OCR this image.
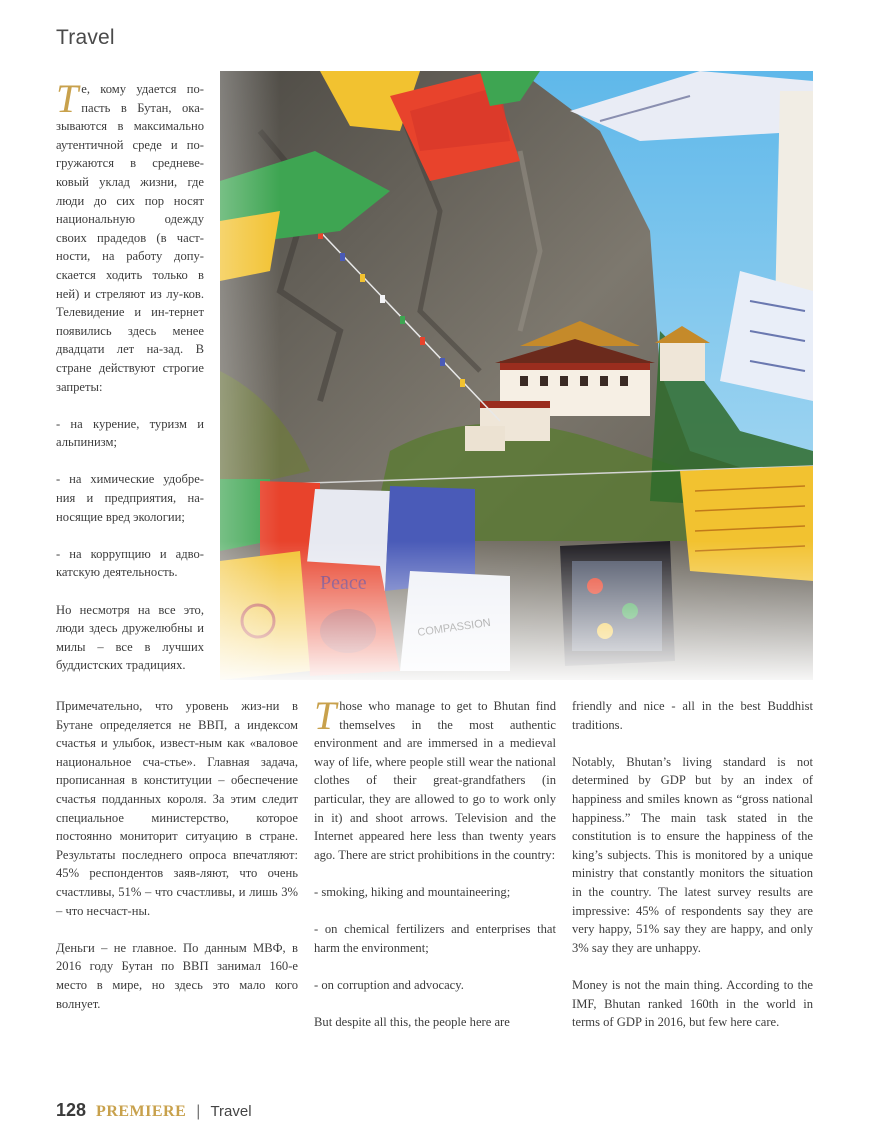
Travel

Те, кому удается по-пасть в Бутан, ока-зываются в максимально аутентичной среде и по-гружаются в средневе-ковый уклад жизни, где люди до сих пор носят национальную одежду своих прадедов (в част-ности, на работу допу-скается ходить только в ней) и стреляют из лу-ков. Телевидение и ин-тернет появились здесь менее двадцати лет на-зад. В стране действуют строгие запреты:

- на курение, туризм и альпинизм;

- на химические удобре-ния и предприятия, на-носящие вред экологии;

- на коррупцию и адво-катскую деятельность.

Но несмотря на все это, люди здесь дружелюбны и милы – все в лучших буддистских традициях.

Примечательно, что уровень жиз-ни в Бутане определяется не ВВП, а индексом счастья и улыбок, извест-ным как «валовое национальное сча-стье». Главная задача, прописанная в конституции – обеспечение счастья подданных короля. За этим следит специальное министерство, которое постоянно мониторит ситуацию в стране. Результаты последнего опроса впечатляют: 45% респондентов заяв-ляют, что очень счастливы, 51% – что счастливы, и лишь 3% – что несчаст-ны.

Деньги – не главное. По данным МВФ, в 2016 году Бутан по ВВП занимал 160-е место в мире, но здесь это мало кого волнует.

Those who manage to get to Bhutan find themselves in the most authentic environment and are immersed in a medieval way of life, where people still wear the national clothes of their great-grandfathers (in particular, they are allowed to go to work only in it) and shoot arrows. Television and the Internet appeared here less than twenty years ago. There are strict prohibitions in the country:

- smoking, hiking and mountaineering;

- on chemical fertilizers and enterprises that harm the environment;

- on corruption and advocacy.

But despite all this, the people here are

friendly and nice - all in the best Buddhist traditions.

Notably, Bhutan’s living standard is not determined by GDP but by an index of happiness and smiles known as “gross national happiness.” The main task stated in the constitution is to ensure the happiness of the king’s subjects. This is monitored by a unique ministry that constantly monitors the situation in the country. The latest survey results are impressive: 45% of respondents say they are very happy, 51% say they are happy, and only 3% say they are unhappy.

Money is not the main thing. According to the IMF, Bhutan ranked 160th in the world in terms of GDP in 2016, but few here care.

128 PREMIERE | Travel
